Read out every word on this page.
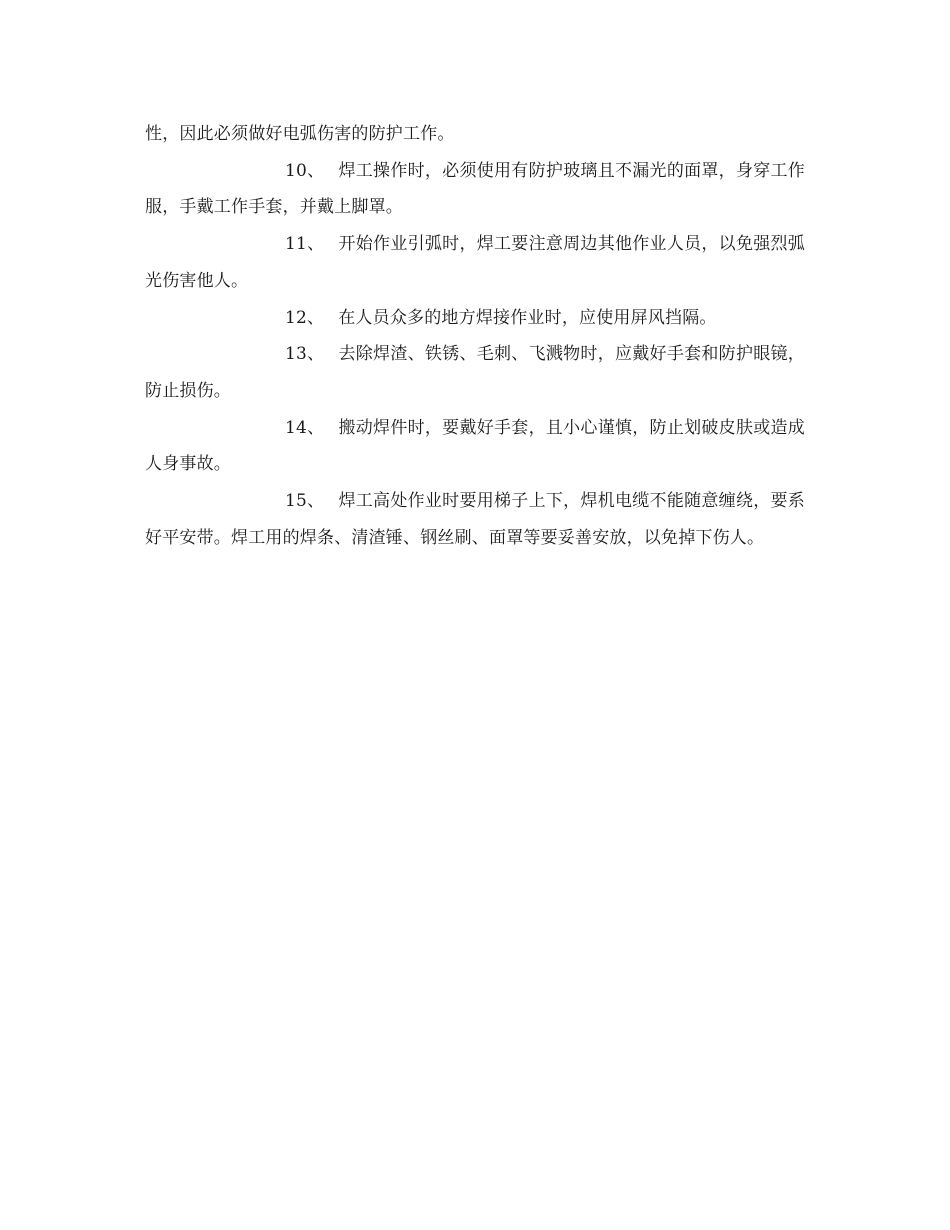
性，因此必须做好电弧伤害的防护工作。

10、 焊工操作时，必须使用有防护玻璃且不漏光的面罩，身穿工作服，手戴工作手套，并戴上脚罩。

11、 开始作业引弧时，焊工要注意周边其他作业人员，以免强烈弧光伤害他人。

12、 在人员众多的地方焊接作业时，应使用屏风挡隔。

13、 去除焊渣、铁锈、毛刺、飞溅物时，应戴好手套和防护眼镜，防止损伤。

14、 搬动焊件时，要戴好手套，且小心谨慎，防止划破皮肤或造成人身事故。

15、 焊工高处作业时要用梯子上下，焊机电缆不能随意缠绕，要系好平安带。焊工用的焊条、清渣锤、钢丝刷、面罩等要妥善安放，以免掉下伤人。
